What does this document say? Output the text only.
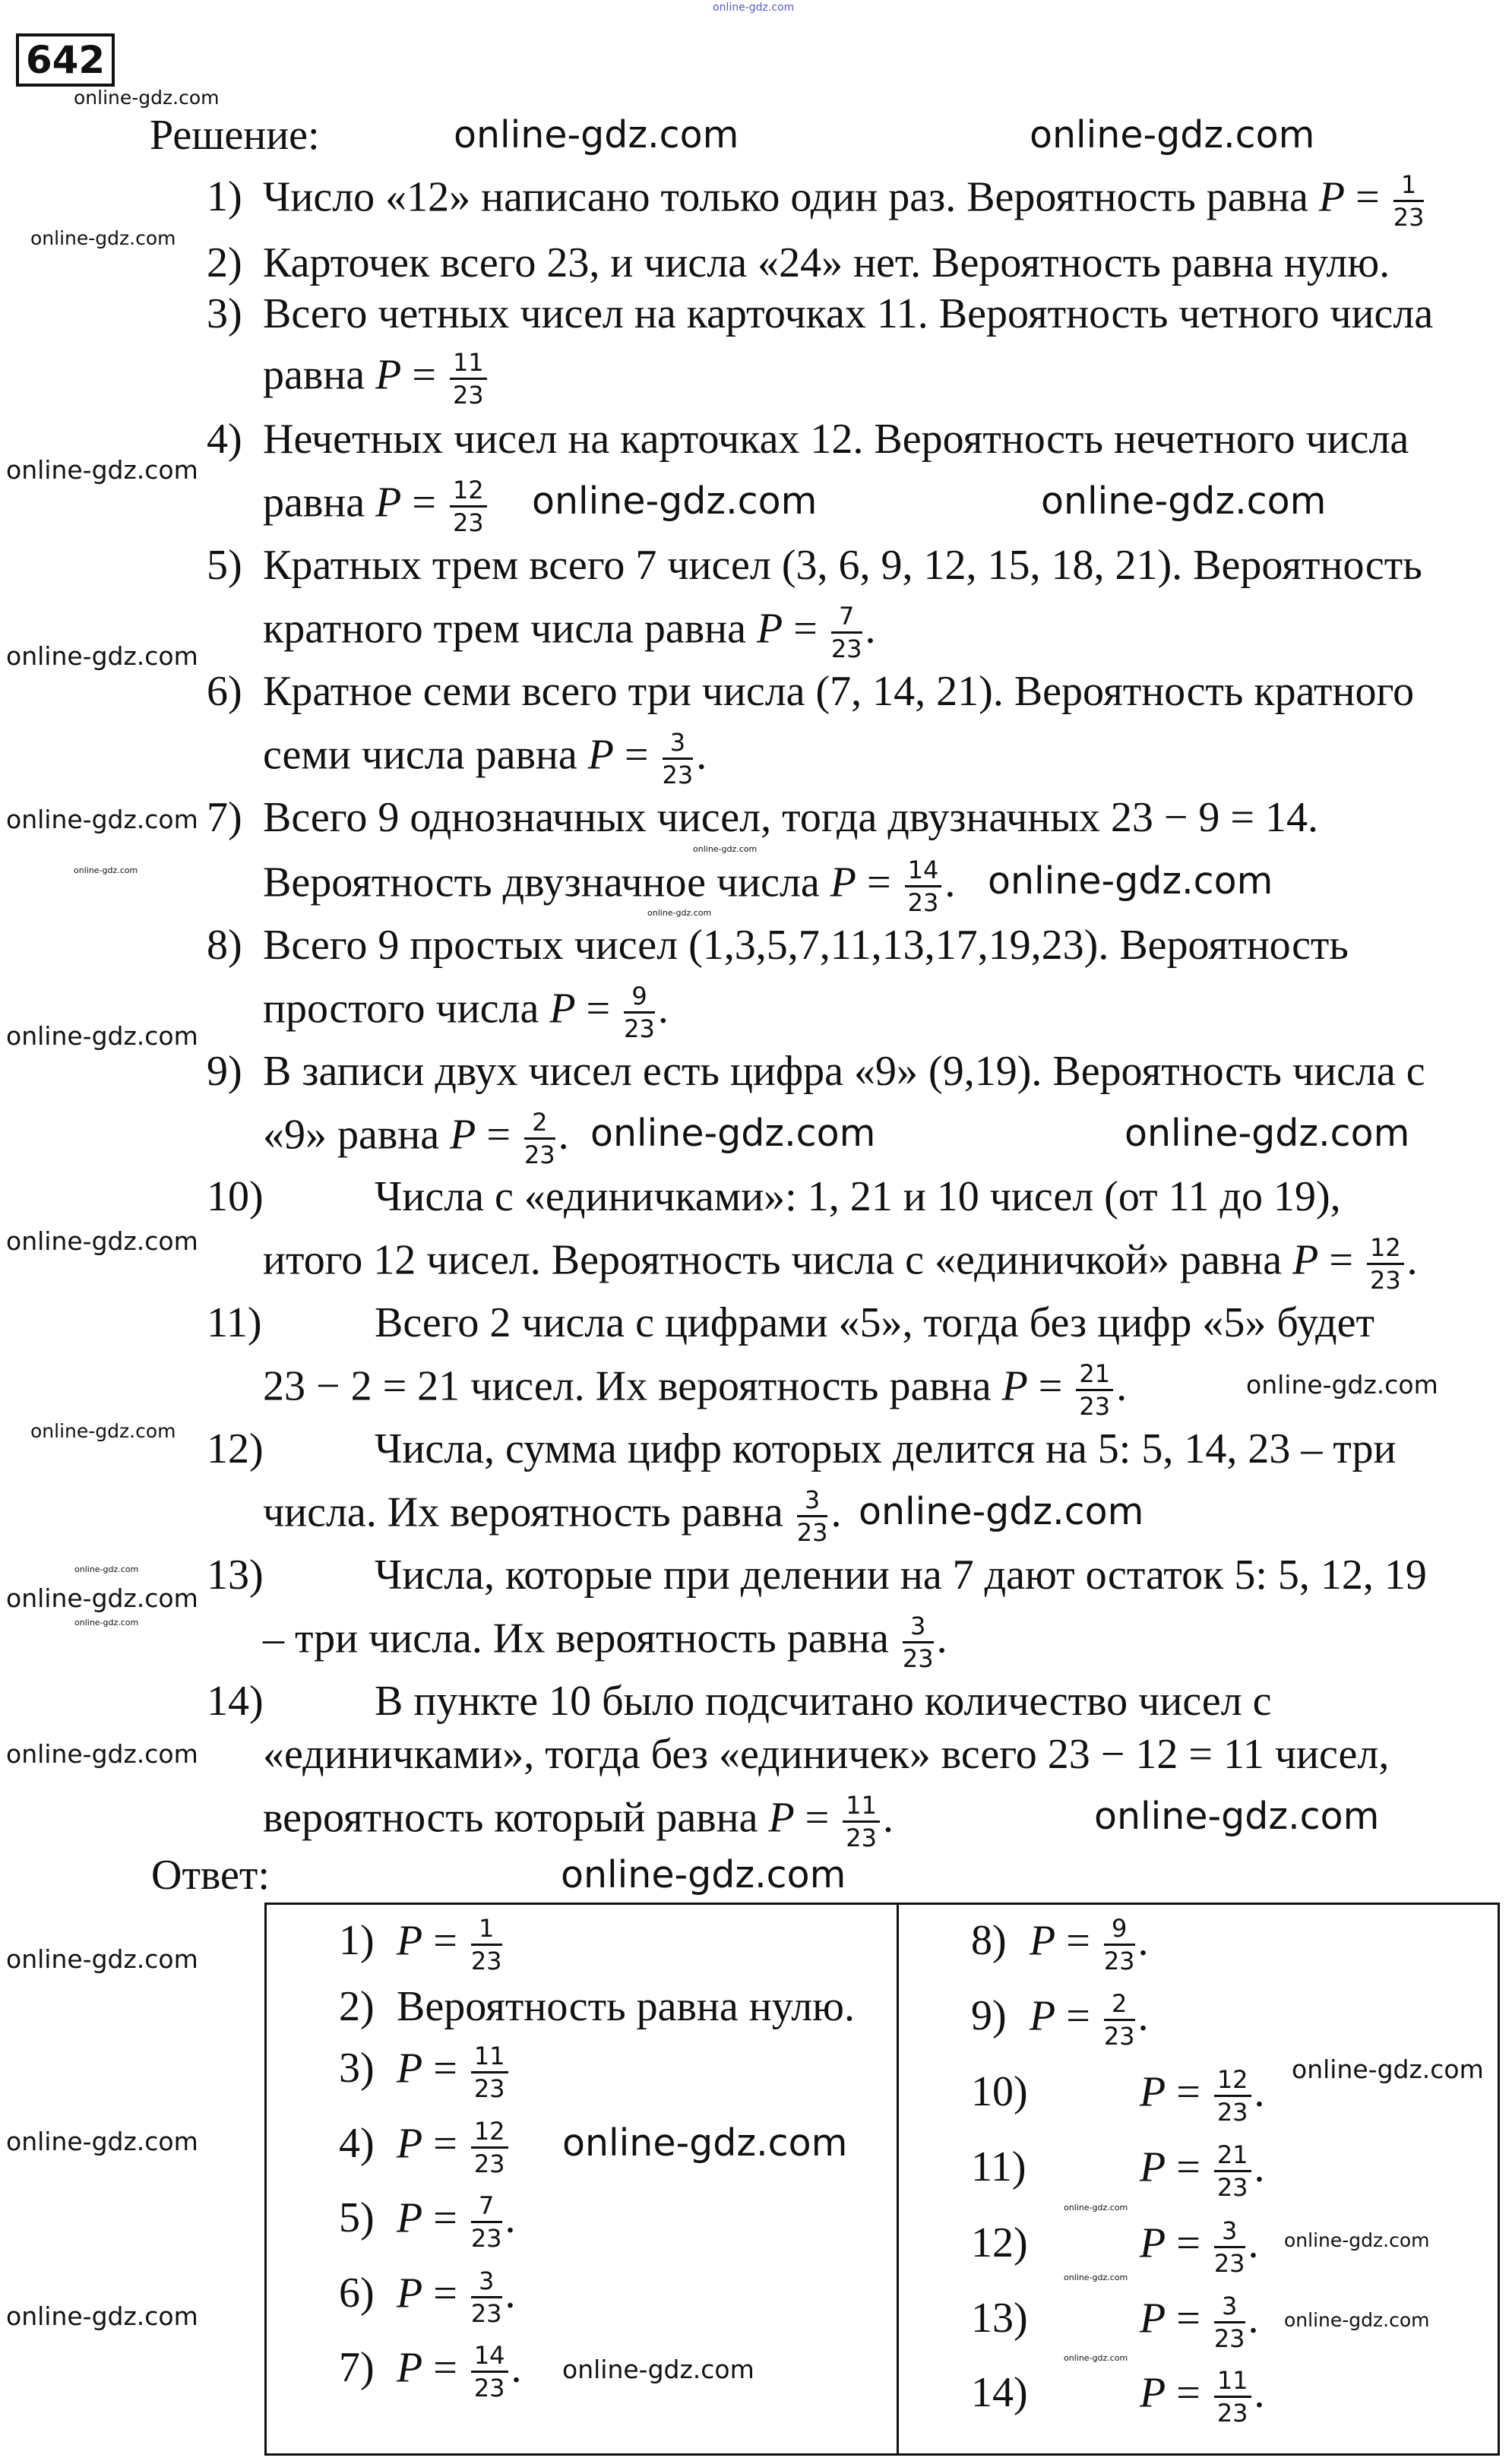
online-gdz.com
642
Решение:
1) Число «12» написано только один раз. Вероятность равна $P = \frac{1}{23}$
2) Карточек всего 23, и числа «24» нет. Вероятность равна нулю.
3) Всего четных чисел на карточках 11. Вероятность четного числа
равна $P = \frac{11}{23}$
4) Нечетных чисел на карточках 12. Вероятность нечетного числа
равна $P = \frac{12}{23}$
5) Кратных трем всего 7 чисел (3, 6, 9, 12, 15, 18, 21). Вероятность
кратного трем числа равна $P = \frac{7}{23}$ .
6) Кратное семи всего три числа (7, 14, 21). Вероятность кратного
семи числа равна $P = \frac{3}{23}$ .
7) Всего 9 однозначных чисел, тогда двузначных 23 − 9 = 14.
Вероятность двузначное числа $P = \frac{14}{23}$ .
8) Всего 9 простых чисел (1,3,5,7,11,13,17,19,23). Вероятность
простого числа $P = \frac{9}{23}$ .
9) В записи двух чисел есть цифра «9» (9,19). Вероятность числа с
«9» равна $P = \frac{2}{23}$ .
10)	Числа с «единичками»: 1, 21 и 10 чисел (от 11 до 19),
итого 12 чисел. Вероятность числа с «единичкой» равна $P = \frac{12}{23}$ .
11)	Всего 2 числа с цифрами «5», тогда без цифр «5» будет
23 − 2 = 21 чисел. Их вероятность равна $P = \frac{21}{23}$ .
12)	Числа, сумма цифр которых делится на 5: 5, 14, 23 – три
числа. Их вероятность равна $\frac{3}{23}$ .
13)	Числа, которые при делении на 7 дают остаток 5: 5, 12, 19
– три числа. Их вероятность равна $\frac{3}{23}$ .
14)	В пункте 10 было подсчитано количество чисел с
«единичками», тогда без «единичек» всего 23 − 12 = 11 чисел,
вероятность который равна $P = \frac{11}{23}$ .
Ответ:
1) $P = \frac{1}{23}$
2) Вероятность равна нулю.
3) $P = \frac{11}{23}$
4) $P = \frac{12}{23}$
5) $P = \frac{7}{23}$ .
6) $P = \frac{3}{23}$ .
7) $P = \frac{14}{23}$ .
8) $P = \frac{9}{23}$ .
9) $P = \frac{2}{23}$ .
10)	$P = \frac{12}{23}$ .
11)	$P = \frac{21}{23}$ .
12)	$P = \frac{3}{23}$ .
13)	$P = \frac{3}{23}$ .
14)	$P = \frac{11}{23}$ .
online-gdz.com
online-gdz.com	online-gdz.com
online-gdz.com
online-gdz.com
online-gdz.com	online-gdz.com
online-gdz.com
online-gdz.com
online-gdz.com
online-gdz.com
online-gdz.com
online-gdz.com
online-gdz.com
online-gdz.com
online-gdz.com
online-gdz.com
online-gdz.com
online-gdz.com
online-gdz.com
online-gdz.com
online-gdz.com
online-gdz.com
online-gdz.com
online-gdz.com
online-gdz.com
online-gdz.com
online-gdz.com
online-gdz.com
online-gdz.com
online-gdz.com
online-gdz.com
online-gdz.com
online-gdz.com	online-gdz.com
online-gdz.com	online-gdz.com
